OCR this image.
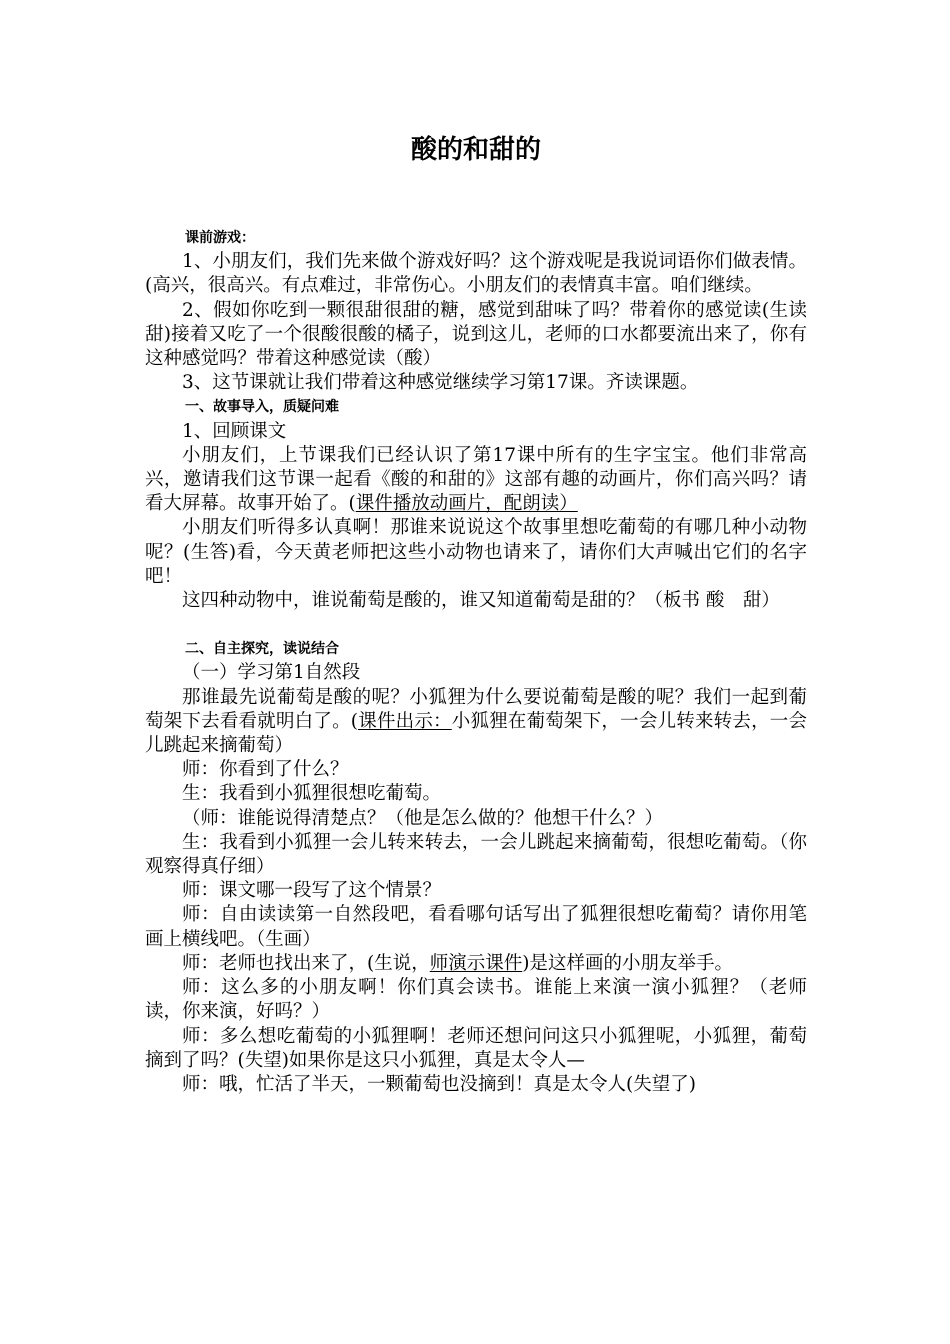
酸的和甜的

课前游戏：

1、小朋友们，我们先来做个游戏好吗？这个游戏呢是我说词语你们做表情。(高兴，很高兴。有点难过，非常伤心。小朋友们的表情真丰富。咱们继续。

2、假如你吃到一颗很甜很甜的糖，感觉到甜味了吗？带着你的感觉读(生读甜)接着又吃了一个很酸很酸的橘子，说到这儿，老师的口水都要流出来了，你有这种感觉吗？带着这种感觉读（酸）

3、这节课就让我们带着这种感觉继续学习第17课。齐读课题。

一、故事导入，质疑问难

1、回顾课文

小朋友们，上节课我们已经认识了第17课中所有的生字宝宝。他们非常高兴，邀请我们这节课一起看《酸的和甜的》这部有趣的动画片，你们高兴吗？请看大屏幕。故事开始了。(课件播放动画片，配朗读）

小朋友们听得多认真啊！那谁来说说这个故事里想吃葡萄的有哪几种小动物呢？(生答)看，今天黄老师把这些小动物也请来了，请你们大声喊出它们的名字吧！

这四种动物中，谁说葡萄是酸的，谁又知道葡萄是甜的？（板书 酸　甜）

二、自主探究，读说结合

（一）学习第1自然段

那谁最先说葡萄是酸的呢？小狐狸为什么要说葡萄是酸的呢？我们一起到葡萄架下去看看就明白了。(课件出示：小狐狸在葡萄架下，一会儿转来转去，一会儿跳起来摘葡萄）

师：你看到了什么？

生：我看到小狐狸很想吃葡萄。

（师：谁能说得清楚点？（他是怎么做的？他想干什么？）

生：我看到小狐狸一会儿转来转去，一会儿跳起来摘葡萄，很想吃葡萄。（你观察得真仔细）

师：课文哪一段写了这个情景？

师：自由读读第一自然段吧，看看哪句话写出了狐狸很想吃葡萄？请你用笔画上横线吧。（生画）

师：老师也找出来了，(生说，师演示课件)是这样画的小朋友举手。

师：这么多的小朋友啊！你们真会读书。谁能上来演一演小狐狸？（老师读，你来演，好吗？）

师：多么想吃葡萄的小狐狸啊！老师还想问问这只小狐狸呢，小狐狸，葡萄摘到了吗？(失望)如果你是这只小狐狸，真是太令人—

师：哦，忙活了半天，一颗葡萄也没摘到！真是太令人(失望了)
